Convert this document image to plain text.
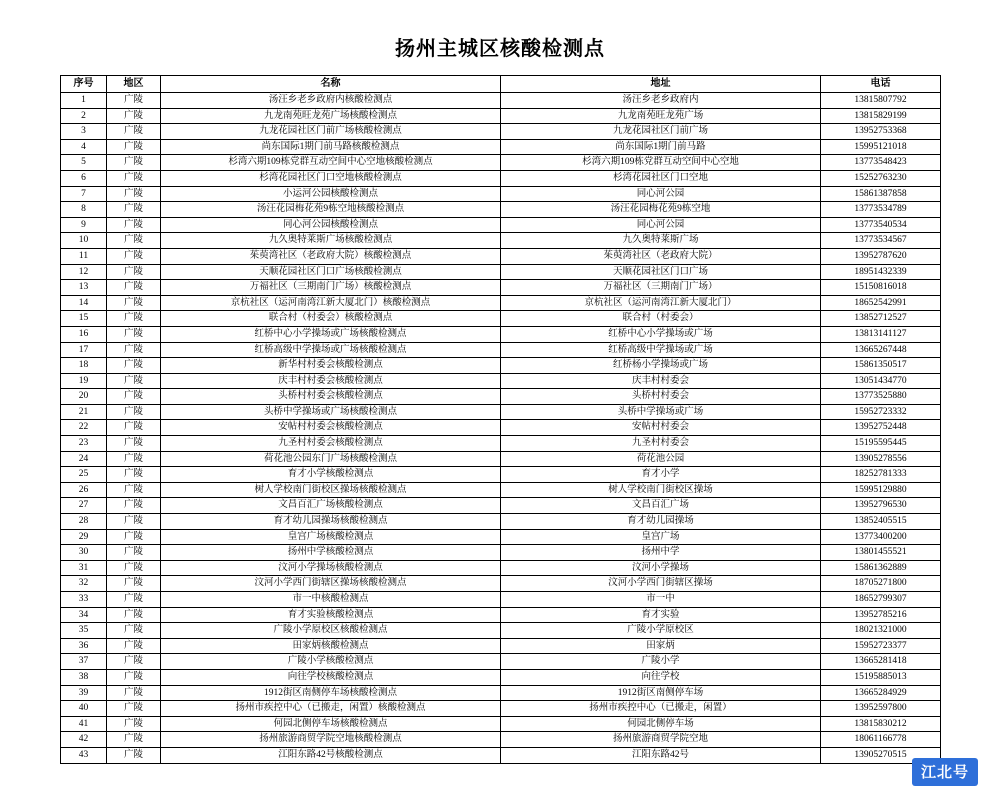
扬州主城区核酸检测点
序号	地区	名称	地址	电话
1	广陵	汤汪乡老乡政府内核酸检测点	汤汪乡老乡政府内	13815807792
2	广陵	九龙南苑旺龙苑广场核酸检测点	九龙南苑旺龙苑广场	13815829199
3	广陵	九龙花园社区门前广场核酸检测点	九龙花园社区门前广场	13952753368
4	广陵	尚东国际1期门前马路核酸检测点	尚东国际1期门前马路	15995121018
5	广陵	杉湾六期109栋党群互动空间中心空地核酸检测点	杉湾六期109栋党群互动空间中心空地	13773548423
6	广陵	杉湾花园社区门口空地核酸检测点	杉湾花园社区门口空地	15252763230
7	广陵	小运河公园核酸检测点	同心河公园	15861387858
8	广陵	汤汪花园梅花苑9栋空地核酸检测点	汤汪花园梅花苑9栋空地	13773534789
9	广陵	同心河公园核酸检测点	同心河公园	13773540534
10	广陵	九久奥特莱斯广场核酸检测点	九久奥特莱斯广场	13773534567
11	广陵	茱萸湾社区（老政府大院）核酸检测点	茱萸湾社区（老政府大院）	13952787620
12	广陵	天顺花园社区门口广场核酸检测点	天顺花园社区门口广场	18951432339
13	广陵	万福社区（三期南门广场）核酸检测点	万福社区（三期南门广场）	15150816018
14	广陵	京杭社区（运河南湾江新大厦北门）核酸检测点	京杭社区（运河南湾江新大厦北门）	18652542991
15	广陵	联合村（村委会）核酸检测点	联合村（村委会）	13852712527
16	广陵	红桥中心小学操场或广场核酸检测点	红桥中心小学操场或广场	13813141127
17	广陵	红桥高级中学操场或广场核酸检测点	红桥高级中学操场或广场	13665267448
18	广陵	新华村村委会核酸检测点	红桥杨小学操场或广场	15861350517
19	广陵	庆丰村村委会核酸检测点	庆丰村村委会	13051434770
20	广陵	头桥村村委会核酸检测点	头桥村村委会	13773525880
21	广陵	头桥中学操场或广场核酸检测点	头桥中学操场或广场	15952723332
22	广陵	安帖村村委会核酸检测点	安帖村村委会	13952752448
23	广陵	九圣村村委会核酸检测点	九圣村村委会	15195595445
24	广陵	荷花池公园东门广场核酸检测点	荷花池公园	13905278556
25	广陵	育才小学核酸检测点	育才小学	18252781333
26	广陵	树人学校南门街校区操场核酸检测点	树人学校南门街校区操场	15995129880
27	广陵	文昌百汇广场核酸检测点	文昌百汇广场	13952796530
28	广陵	育才幼儿园操场核酸检测点	育才幼儿园操场	13852405515
29	广陵	皇宫广场核酸检测点	皇宫广场	13773400200
30	广陵	扬州中学核酸检测点	扬州中学	13801455521
31	广陵	汶河小学操场核酸检测点	汶河小学操场	15861362889
32	广陵	汶河小学西门街辖区操场核酸检测点	汶河小学西门街辖区操场	18705271800
33	广陵	市一中核酸检测点	市一中	18652799307
34	广陵	育才实验核酸检测点	育才实验	13952785216
35	广陵	广陵小学原校区核酸检测点	广陵小学原校区	18021321000
36	广陵	田家炳核酸检测点	田家炳	15952723377
37	广陵	广陵小学核酸检测点	广陵小学	13665281418
38	广陵	向往学校核酸检测点	向往学校	15195885013
39	广陵	1912街区南侧停车场核酸检测点	1912街区南侧停车场	13665284929
40	广陵	扬州市疾控中心（已搬走，闲置）核酸检测点	扬州市疾控中心（已搬走，闲置）	13952597800
41	广陵	何园北侧停车场核酸检测点	何园北侧停车场	13815830212
42	广陵	扬州旅游商贸学院空地核酸检测点	扬州旅游商贸学院空地	18061166778
43	广陵	江阳东路42号核酸检测点	江阳东路42号	13905270515
江北号
